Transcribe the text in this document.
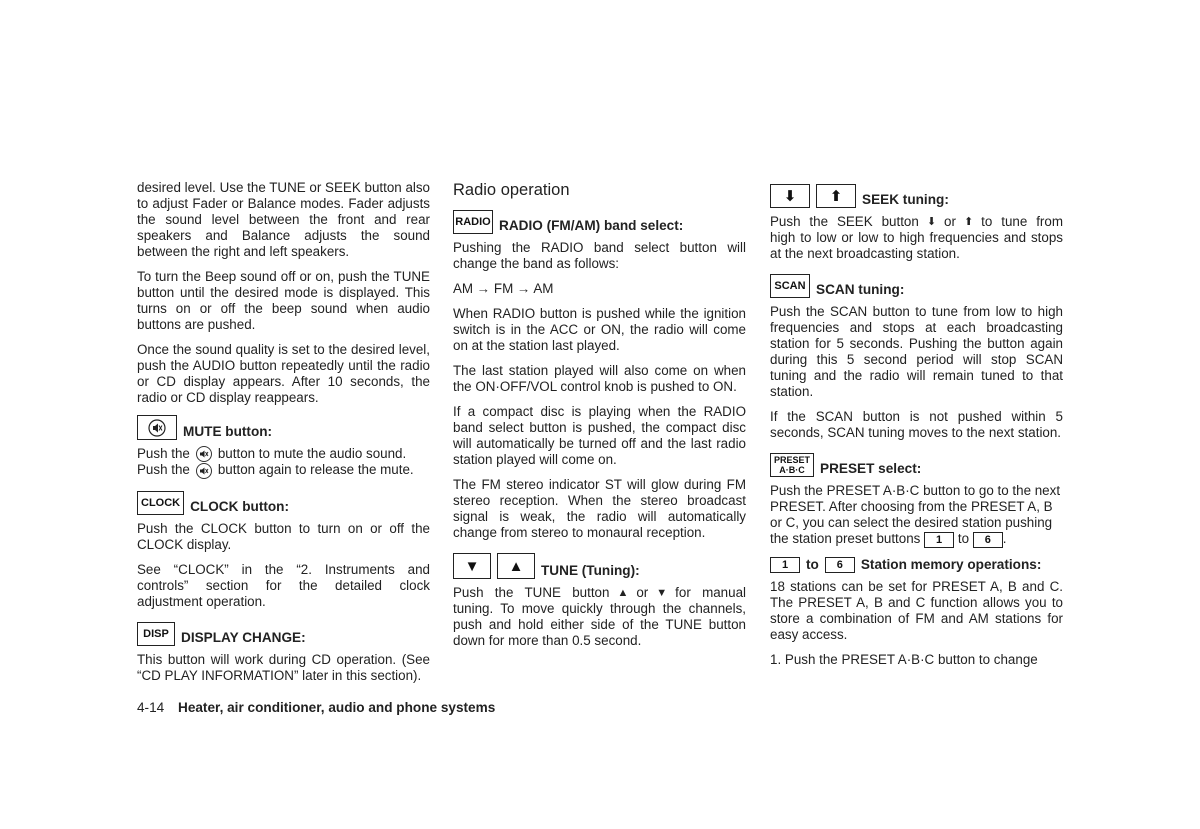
desired level. Use the TUNE or SEEK button also to adjust Fader or Balance modes. Fader adjusts the sound level between the front and rear speakers and Balance adjusts the sound between the right and left speakers.

To turn the Beep sound off or on, push the TUNE button until the desired mode is displayed. This turns on or off the beep sound when audio buttons are pushed.

Once the sound quality is set to the desired level, push the AUDIO button repeatedly until the radio or CD display appears. After 10 seconds, the radio or CD display reappears.

MUTE button:

Push the button to mute the audio sound.

Push the button again to release the mute.

CLOCK CLOCK button:

Push the CLOCK button to turn on or off the CLOCK display.

See “CLOCK” in the “2. Instruments and controls” section for the detailed clock adjustment operation.

DISP DISPLAY CHANGE:

This button will work during CD operation. (See “CD PLAY INFORMATION” later in this section).

Radio operation
RADIO RADIO (FM/AM) band select:

Pushing the RADIO band select button will change the band as follows:

AM → FM → AM

When RADIO button is pushed while the ignition switch is in the ACC or ON, the radio will come on at the station last played.

The last station played will also come on when the ON·OFF/VOL control knob is pushed to ON.

If a compact disc is playing when the RADIO band select button is pushed, the compact disc will automatically be turned off and the last radio station played will come on.

The FM stereo indicator ST will glow during FM stereo reception. When the stereo broadcast signal is weak, the radio will automatically change from stereo to monaural reception.

▼	▲	TUNE (Tuning):

Push the TUNE button ▲ or ▼ for manual tuning. To move quickly through the channels, push and hold either side of the TUNE button down for more than 0.5 second.

⬇	⬆	SEEK tuning:

Push the SEEK button ⬇ or ⬆ to tune from high to low or low to high frequencies and stops at the next broadcasting station.

SCAN SCAN tuning:

Push the SCAN button to tune from low to high frequencies and stops at each broadcasting station for 5 seconds. Pushing the button again during this 5 second period will stop SCAN tuning and the radio will remain tuned to that station.

If the SCAN button is not pushed within 5 seconds, SCAN tuning moves to the next station.

PRESET
A·B·C PRESET select:

Push the PRESET A·B·C button to go to the next PRESET. After choosing from the PRESET A, B or C, you can select the desired station pushing the station preset buttons 1 to 6 .

1	to	6	Station memory operations:

18 stations can be set for PRESET A, B and C. The PRESET A, B and C function allows you to store a combination of FM and AM stations for easy access.

1. Push the PRESET A·B·C button to change

4-14 Heater, air conditioner, audio and phone systems
